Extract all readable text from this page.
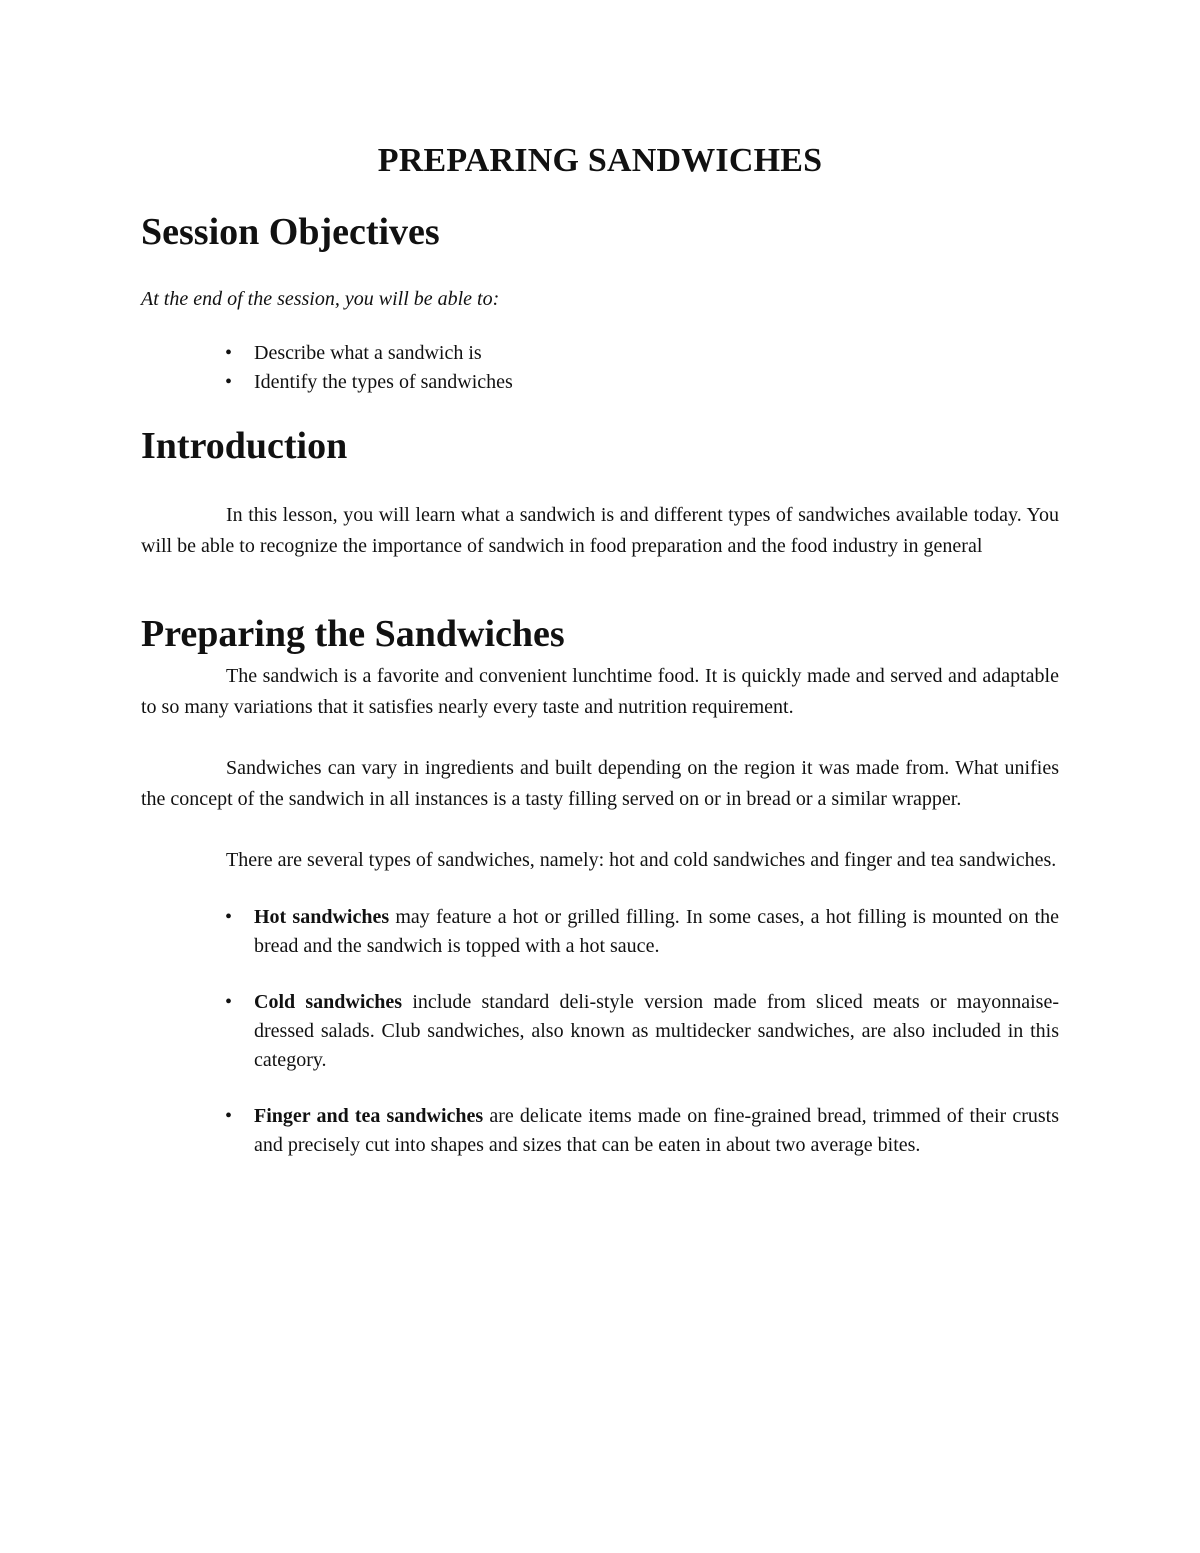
PREPARING SANDWICHES
Session Objectives

At the end of the session, you will be able to:

• Describe what a sandwich is
• Identify the types of sandwiches
Introduction

In this lesson, you will learn what a sandwich is and different types of sandwiches available today. You will be able to recognize the importance of sandwich in food preparation and the food industry in general

Preparing the Sandwiches

The sandwich is a favorite and convenient lunchtime food. It is quickly made and served and adaptable to so many variations that it satisfies nearly every taste and nutrition requirement.

Sandwiches can vary in ingredients and built depending on the region it was made from. What unifies the concept of the sandwich in all instances is a tasty filling served on or in bread or a similar wrapper.

There are several types of sandwiches, namely: hot and cold sandwiches and finger and tea sandwiches.

• Hot sandwiches may feature a hot or grilled filling. In some cases, a hot filling is mounted on the bread and the sandwich is topped with a hot sauce.
• Cold sandwiches include standard deli-style version made from sliced meats or mayonnaise-dressed salads. Club sandwiches, also known as multidecker sandwiches, are also included in this category.
• Finger and tea sandwiches are delicate items made on fine-grained bread, trimmed of their crusts and precisely cut into shapes and sizes that can be eaten in about two average bites.
